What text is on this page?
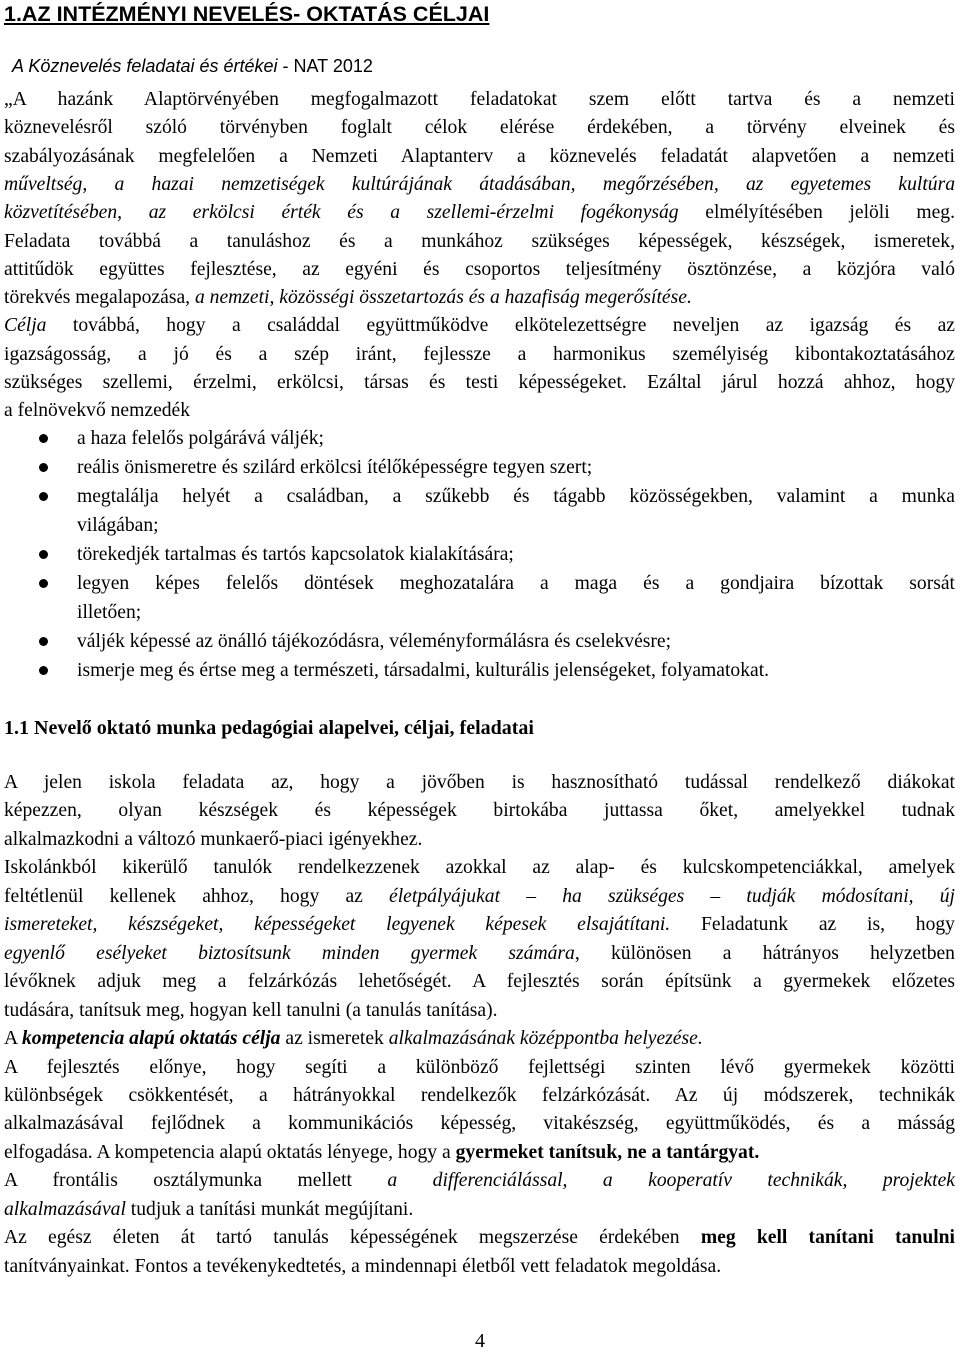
1.AZ INTÉZMÉNYI NEVELÉS- OKTATÁS CÉLJAI
A Köznevelés feladatai és értékei - NAT 2012
„A hazánk Alaptörvényében megfogalmazott feladatokat szem előtt tartva és a nemzeti
köznevelésről szóló törvényben foglalt célok elérése érdekében, a törvény elveinek és
szabályozásának megfelelően a Nemzeti Alaptanterv a köznevelés feladatát alapvetően a nemzeti
műveltség, a hazai nemzetiségek kultúrájának átadásában, megőrzésében, az egyetemes kultúra
közvetítésében, az erkölcsi érték és a szellemi-érzelmi fogékonyság elmélyítésében jelöli meg.
Feladata továbbá a tanuláshoz és a munkához szükséges képességek, készségek, ismeretek,
attitűdök együttes fejlesztése, az egyéni és csoportos teljesítmény ösztönzése, a közjóra való
törekvés megalapozása, a nemzeti, közösségi összetartozás és a hazafiság megerősítése.
Célja továbbá, hogy a családdal együttműködve elkötelezettségre neveljen az igazság és az
igazságosság, a jó és a szép iránt, fejlessze a harmonikus személyiség kibontakoztatásához
szükséges szellemi, érzelmi, erkölcsi, társas és testi képességeket. Ezáltal járul hozzá ahhoz, hogy
a felnövekvő nemzedék
a haza felelős polgárává váljék;
reális önismeretre és szilárd erkölcsi ítélőképességre tegyen szert;
megtalálja helyét a családban, a szűkebb és tágabb közösségekben, valamint a munka
világában;
törekedjék tartalmas és tartós kapcsolatok kialakítására;
legyen képes felelős döntések meghozatalára a maga és a gondjaira bízottak sorsát
illetően;
váljék képessé az önálló tájékozódásra, véleményformálásra és cselekvésre;
ismerje meg és értse meg a természeti, társadalmi, kulturális jelenségeket, folyamatokat.
1.1 Nevelő oktató munka pedagógiai alapelvei, céljai, feladatai
A jelen iskola feladata az, hogy a jövőben is hasznosítható tudással rendelkező diákokat
képezzen, olyan készségek és képességek birtokába juttassa őket, amelyekkel tudnak
alkalmazkodni a változó munkaerő-piaci igényekhez.
Iskolánkból kikerülő tanulók rendelkezzenek azokkal az alap- és kulcskompetenciákkal, amelyek
feltétlenül kellenek ahhoz, hogy az életpályájukat – ha szükséges – tudják módosítani, új
ismereteket, készségeket, képességeket legyenek képesek elsajátítani. Feladatunk az is, hogy
egyenlő esélyeket biztosítsunk minden gyermek számára, különösen a hátrányos helyzetben
lévőknek adjuk meg a felzárkózás lehetőségét. A fejlesztés során építsünk a gyermekek előzetes
tudására, tanítsuk meg, hogyan kell tanulni (a tanulás tanítása).
A kompetencia alapú oktatás célja az ismeretek alkalmazásának középpontba helyezése.
A fejlesztés előnye, hogy segíti a különböző fejlettségi szinten lévő gyermekek közötti
különbségek csökkentését, a hátrányokkal rendelkezők felzárkózását. Az új módszerek, technikák
alkalmazásával fejlődnek a kommunikációs képesség, vitakészség, együttműködés, és a másság
elfogadása. A kompetencia alapú oktatás lényege, hogy a gyermeket tanítsuk, ne a tantárgyat.
A frontális osztálymunka mellett a differenciálással, a kooperatív technikák, projektek
alkalmazásával tudjuk a tanítási munkát megújítani.
Az egész életen át tartó tanulás képességének megszerzése érdekében meg kell tanítani tanulni
tanítványainkat. Fontos a tevékenykedtetés, a mindennapi életből vett feladatok megoldása.
4
